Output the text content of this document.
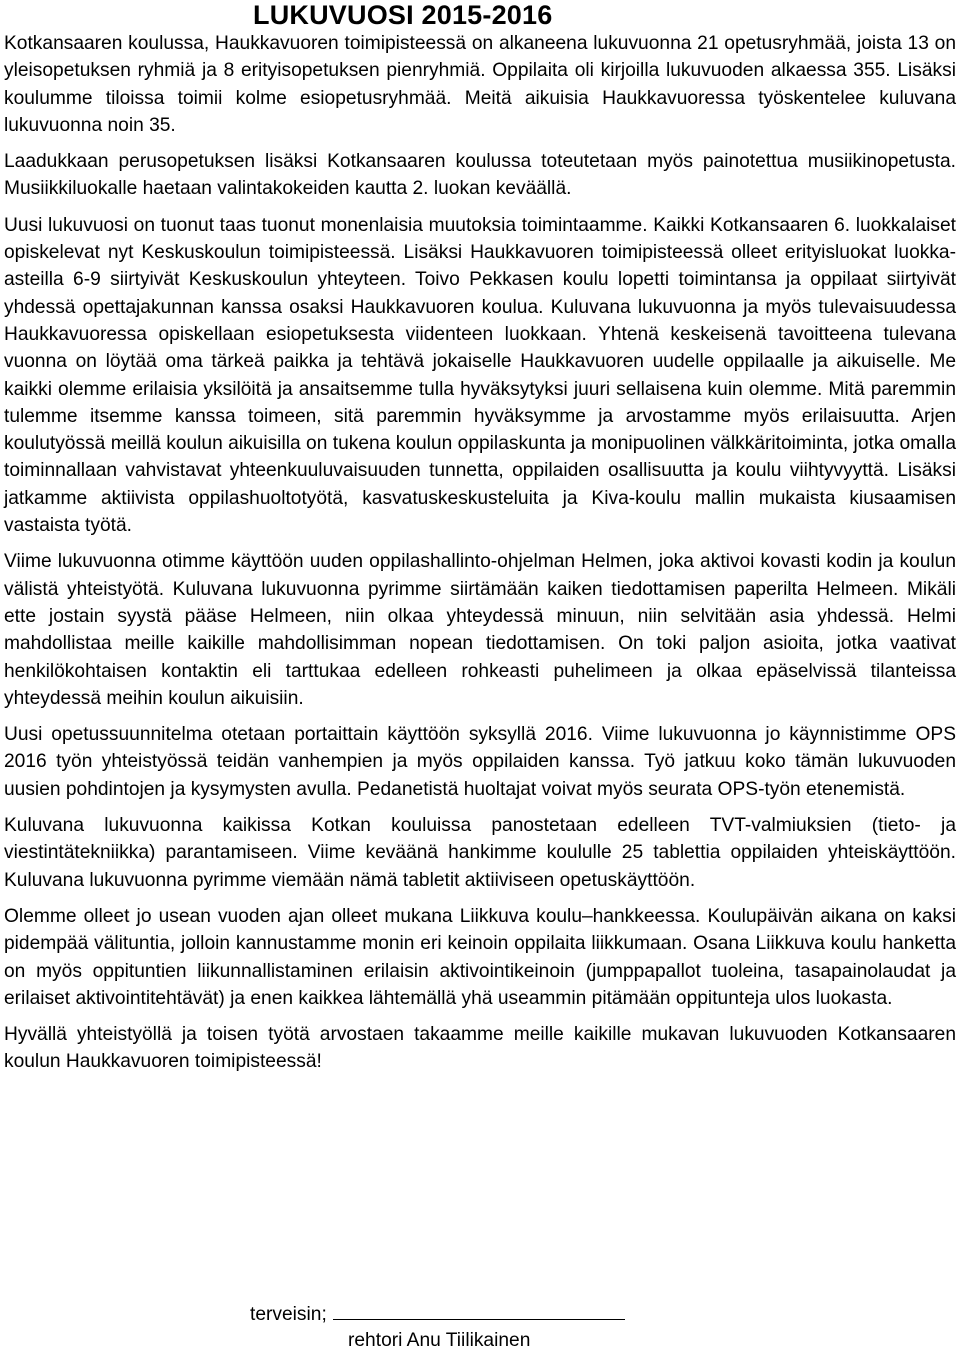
LUKUVUOSI 2015-2016

Kotkansaaren koulussa, Haukkavuoren toimipisteessä on alkaneena lukuvuonna 21 opetusryhmää, joista 13 on yleisopetuksen ryhmiä ja 8 erityisopetuksen pienryhmiä. Oppilaita oli kirjoilla lukuvuoden alkaessa 355. Lisäksi koulumme tiloissa toimii kolme esiopetusryhmää. Meitä aikuisia Haukkavuoressa työskentelee kuluvana lukuvuonna noin 35.

Laadukkaan perusopetuksen lisäksi Kotkansaaren koulussa toteutetaan myös painotettua musiikinopetusta. Musiikkiluokalle haetaan valintakokeiden kautta 2. luokan keväällä.

Uusi lukuvuosi on tuonut taas tuonut monenlaisia muutoksia toimintaamme. Kaikki Kotkansaaren 6. luokkalaiset opiskelevat nyt Keskuskoulun toimipisteessä. Lisäksi Haukkavuoren toimipisteessä olleet erityisluokat luokka-asteilla 6-9 siirtyivät Keskuskoulun yhteyteen. Toivo Pekkasen koulu lopetti toimintansa ja oppilaat siirtyivät yhdessä opettajakunnan kanssa osaksi Haukkavuoren koulua. Kuluvana lukuvuonna ja myös tulevaisuudessa Haukkavuoressa opiskellaan esiopetuksesta viidenteen luokkaan. Yhtenä keskeisenä tavoitteena tulevana vuonna on löytää oma tärkeä paikka ja tehtävä jokaiselle Haukkavuoren uudelle oppilaalle ja aikuiselle. Me kaikki olemme erilaisia yksilöitä ja ansaitsemme tulla hyväksytyksi juuri sellaisena kuin olemme. Mitä paremmin tulemme itsemme kanssa toimeen, sitä paremmin hyväksymme ja arvostamme myös erilaisuutta. Arjen koulutyössä meillä koulun aikuisilla on tukena koulun oppilaskunta ja monipuolinen välkkäritoiminta, jotka omalla toiminnallaan vahvistavat yhteenkuuluvaisuuden tunnetta, oppilaiden osallisuutta ja koulu viihtyvyyttä. Lisäksi jatkamme aktiivista oppilashuoltotyötä, kasvatuskeskusteluita ja Kiva-koulu mallin mukaista kiusaamisen vastaista työtä.

Viime lukuvuonna otimme käyttöön uuden oppilashallinto-ohjelman Helmen, joka aktivoi kovasti kodin ja koulun välistä yhteistyötä. Kuluvana lukuvuonna pyrimme siirtämään kaiken tiedottamisen paperilta Helmeen. Mikäli ette jostain syystä pääse Helmeen, niin olkaa yhteydessä minuun, niin selvitään asia yhdessä. Helmi mahdollistaa meille kaikille mahdollisimman nopean tiedottamisen. On toki paljon asioita, jotka vaativat henkilökohtaisen kontaktin eli tarttukaa edelleen rohkeasti puhelimeen ja olkaa epäselvissä tilanteissa yhteydessä meihin koulun aikuisiin.

Uusi opetussuunnitelma otetaan portaittain käyttöön syksyllä 2016. Viime lukuvuonna jo käynnistimme OPS 2016 työn yhteistyössä teidän vanhempien ja myös oppilaiden kanssa. Työ jatkuu koko tämän lukuvuoden uusien pohdintojen ja kysymysten avulla. Pedanetistä huoltajat voivat myös seurata OPS-työn etenemistä.

Kuluvana lukuvuonna kaikissa Kotkan kouluissa panostetaan edelleen TVT-valmiuksien (tieto- ja viestintätekniikka) parantamiseen. Viime keväänä hankimme koululle 25 tablettia oppilaiden yhteiskäyttöön. Kuluvana lukuvuonna pyrimme viemään nämä tabletit aktiiviseen opetuskäyttöön.

Olemme olleet jo usean vuoden ajan olleet mukana Liikkuva koulu–hankkeessa. Koulupäivän aikana on kaksi pidempää välituntia, jolloin kannustamme monin eri keinoin oppilaita liikkumaan. Osana Liikkuva koulu hanketta on myös oppituntien liikunnallistaminen erilaisin aktivointikeinoin (jumppapallot tuoleina, tasapainolaudat ja erilaiset aktivointitehtävät) ja enen kaikkea lähtemällä yhä useammin pitämään oppitunteja ulos luokasta.

Hyvällä yhteistyöllä ja toisen työtä arvostaen takaamme meille kaikille mukavan lukuvuoden Kotkansaaren koulun Haukkavuoren toimipisteessä!

terveisin;
rehtori Anu Tiilikainen
